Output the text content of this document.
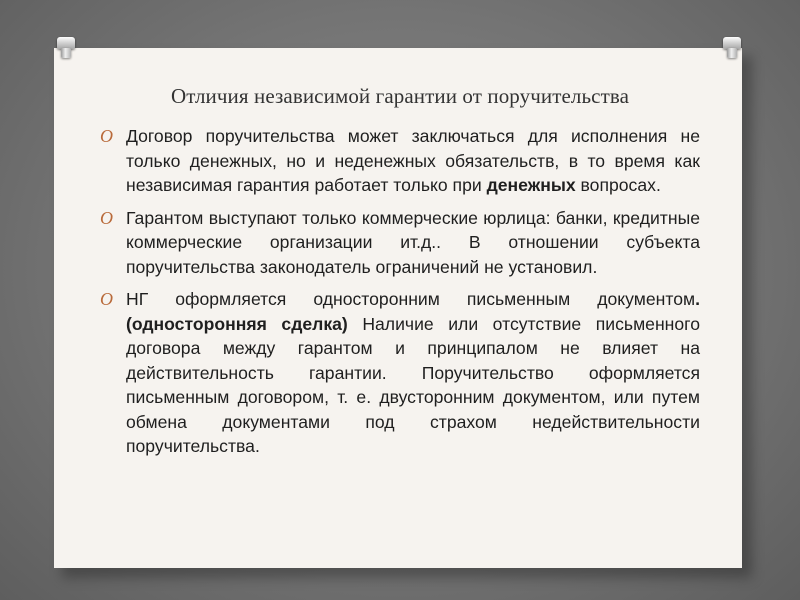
Отличия независимой гарантии от поручительства
O Договор поручительства может заключаться для исполнения не только денежных, но и неденежных обязательств, в то время как независимая гарантия работает только при денежных вопросах.
O Гарантом выступают только коммерческие юрлица: банки, кредитные коммерческие организации ит.д.. В отношении субъекта поручительства законодатель ограничений не установил.
O НГ оформляется односторонним письменным документом.(односторонняя сделка) Наличие или отсутствие письменного договора между гарантом и принципалом не влияет на действительность гарантии. Поручительство оформляется письменным договором, т. е. двусторонним документом, или путем обмена документами под страхом недействительности поручительства.
